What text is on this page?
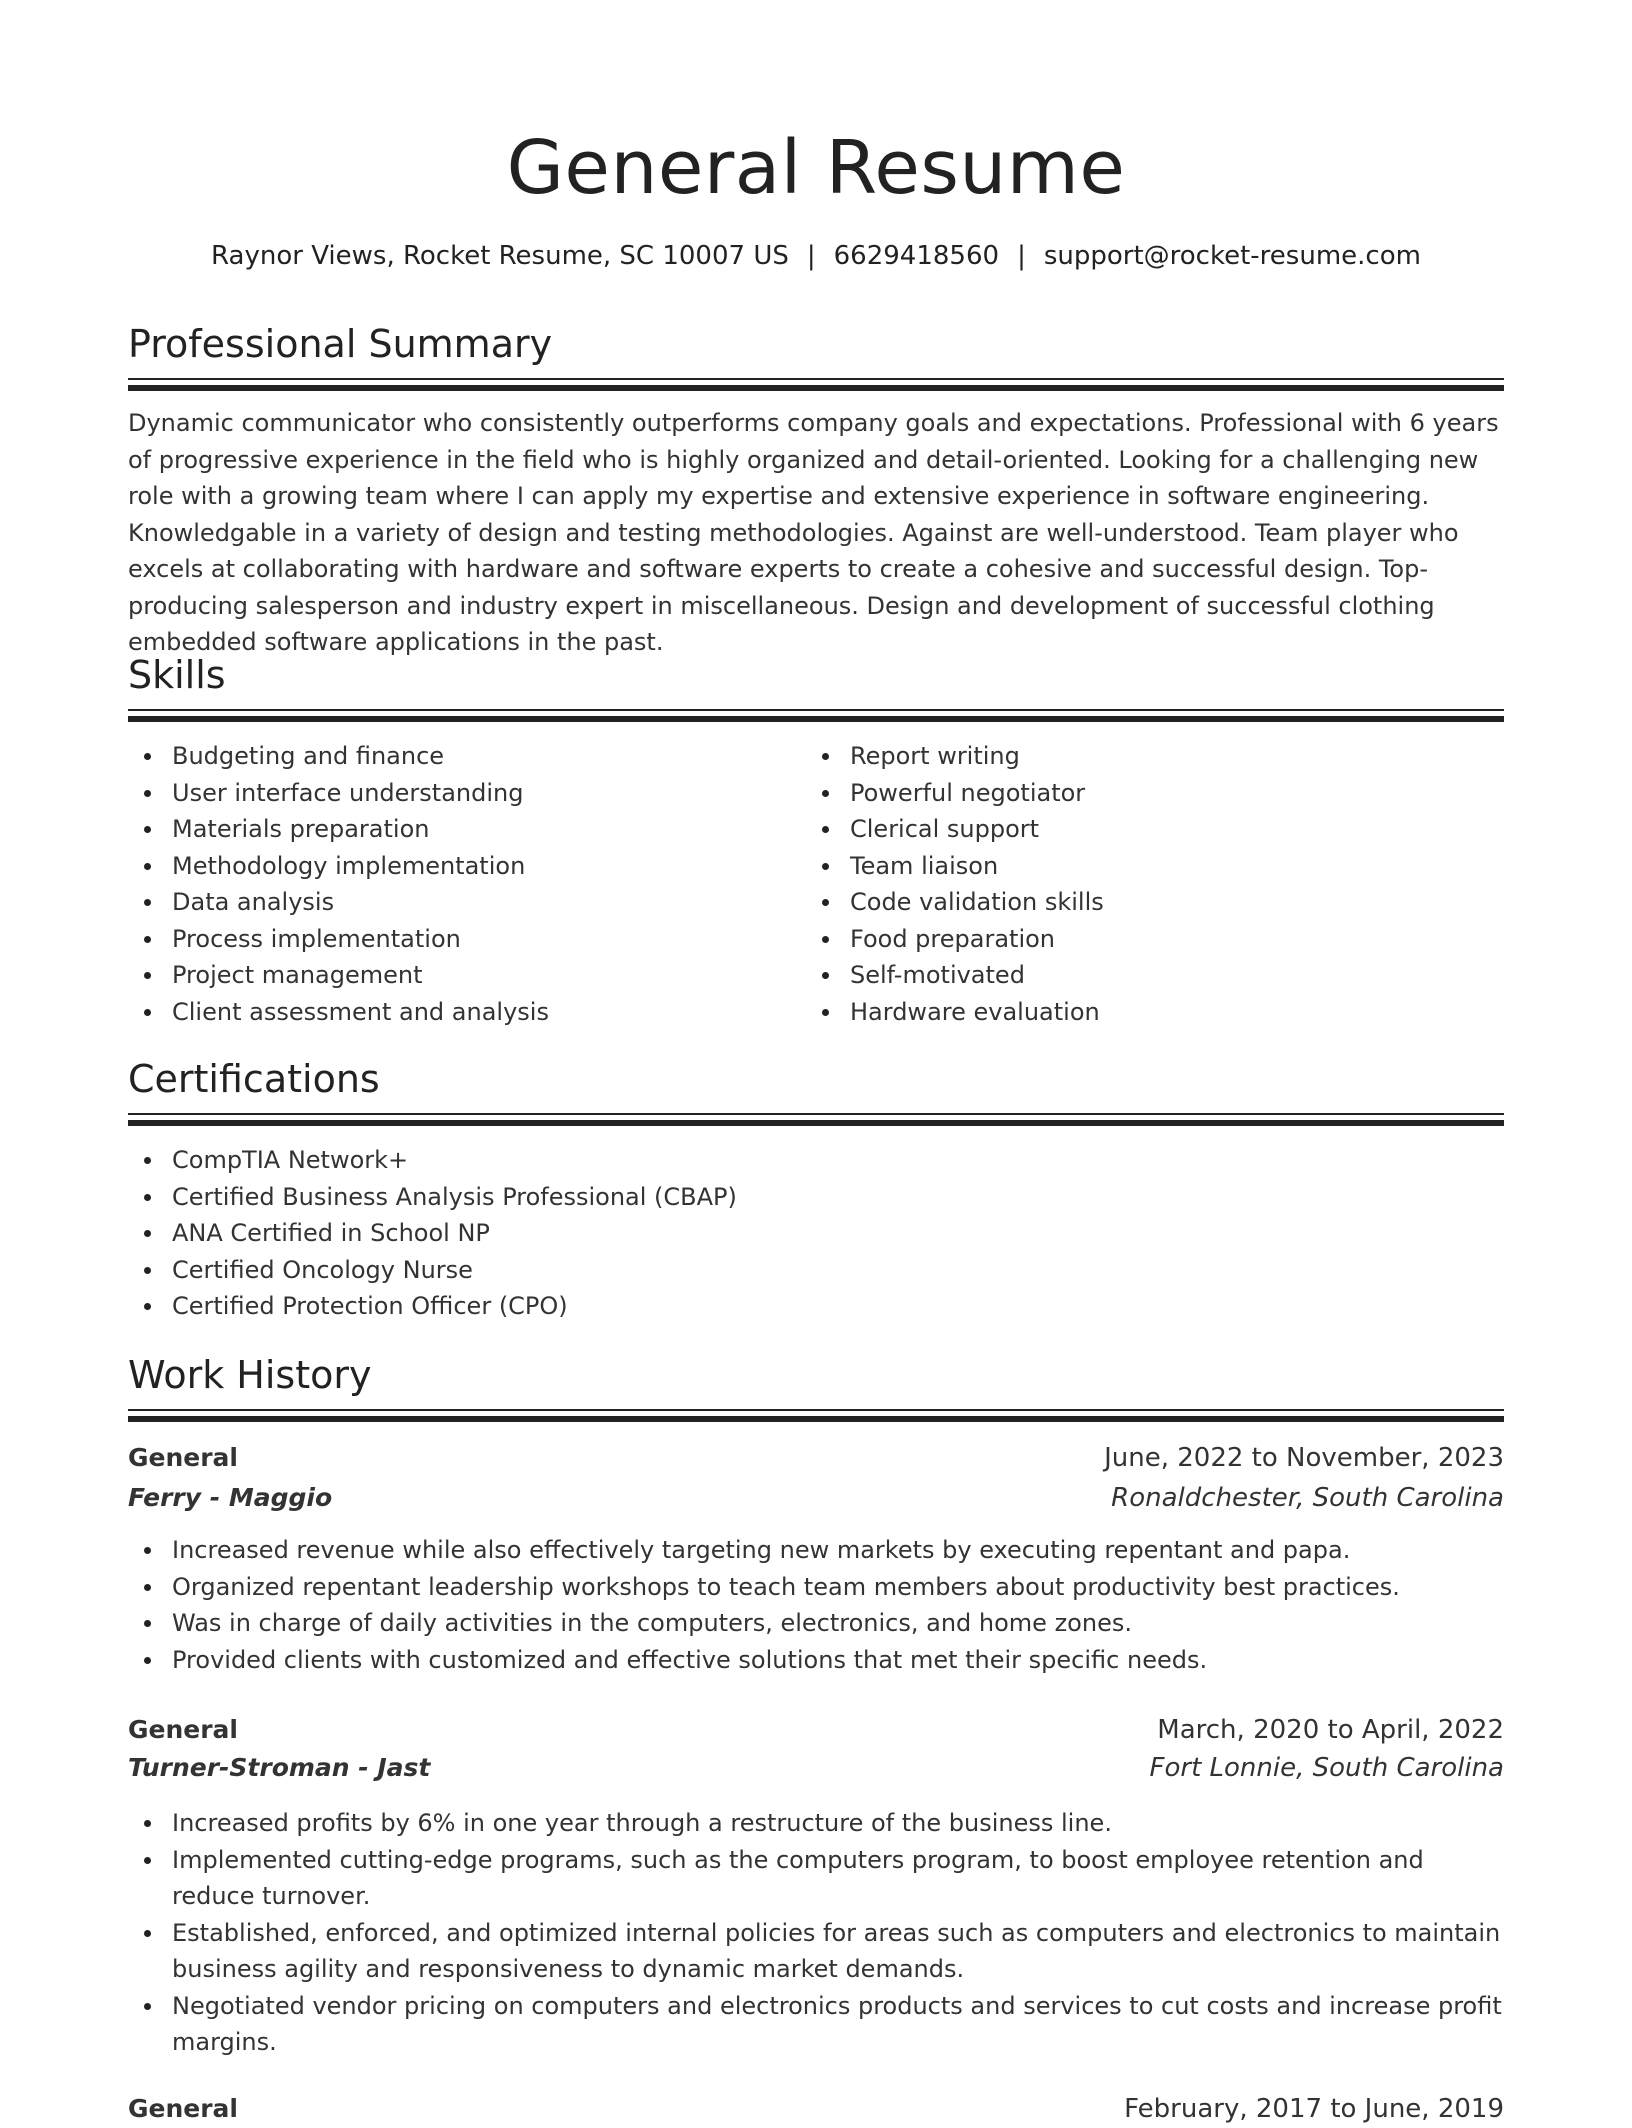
General Resume
Raynor Views, Rocket Resume, SC 10007 US | 6629418560 | support@rocket-resume.com
Professional Summary

Dynamic communicator who consistently outperforms company goals and expectations. Professional with 6 years of progressive experience in the field who is highly organized and detail-oriented. Looking for a challenging new role with a growing team where I can apply my expertise and extensive experience in software engineering. Knowledgable in a variety of design and testing methodologies. Against are well-understood. Team player who excels at collaborating with hardware and software experts to create a cohesive and successful design. Top-producing salesperson and industry expert in miscellaneous. Design and development of successful clothing embedded software applications in the past.

Skills
Budgeting and finance
User interface understanding
Materials preparation
Methodology implementation
Data analysis
Process implementation
Project management
Client assessment and analysis
Report writing
Powerful negotiator
Clerical support
Team liaison
Code validation skills
Food preparation
Self-motivated
Hardware evaluation
Certifications
CompTIA Network+
Certified Business Analysis Professional (CBAP)
ANA Certified in School NP
Certified Oncology Nurse
Certified Protection Officer (CPO)
Work History
General	June, 2022 to November, 2023
Ferry - Maggio	Ronaldchester, South Carolina
Increased revenue while also effectively targeting new markets by executing repentant and papa.
Organized repentant leadership workshops to teach team members about productivity best practices.
Was in charge of daily activities in the computers, electronics, and home zones.
Provided clients with customized and effective solutions that met their specific needs.
General	March, 2020 to April, 2022
Turner-Stroman - Jast	Fort Lonnie, South Carolina
Increased profits by 6% in one year through a restructure of the business line.
Implemented cutting-edge programs, such as the computers program, to boost employee retention and reduce turnover.
Established, enforced, and optimized internal policies for areas such as computers and electronics to maintain business agility and responsiveness to dynamic market demands.
Negotiated vendor pricing on computers and electronics products and services to cut costs and increase profit margins.
General	February, 2017 to June, 2019
